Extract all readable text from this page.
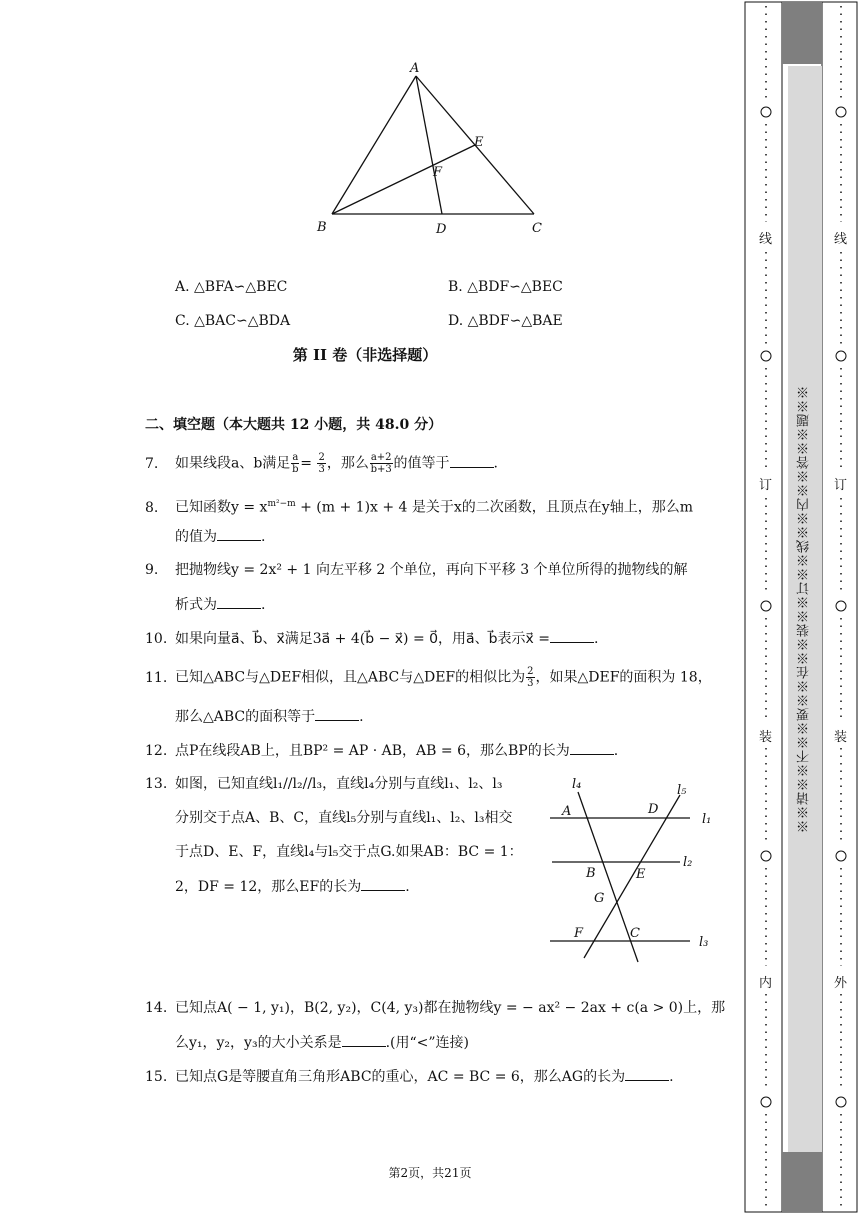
A
B	C
D
E
F
A. △BFA∽△BEC	B. △BDF∽△BEC
C. △BAC∽△BDA	D. △BDF∽△BAE
第 II 卷（非选择题）
二、填空题（本大题共 12 小题，共 48.0 分）
7. 如果线段a、b满足 $\frac{a}{b} = \frac{2}{3}$ ，那么 $\frac{a+2}{b+3}$ 的值等于	.
8. 已知函数$y = x^{m^2-m} + (m + 1)x + 4$ 是关于x的二次函数，且顶点在y轴上，那么m
的值为	.
9. 把抛物线y = 2x² + 1 向左平移 2 个单位，再向下平移 3 个单位所得的抛物线的解
析式为	.
10. 如果向量a⃗、b⃗、x⃗满足3a⃗ + 4(b⃗ − x⃗) = 0⃗，用a⃗、b⃗表示x⃗ =	.
11. 已知△ABC与△DEF相似，且△ABC与△DEF的相似比为 $\frac{2}{3}$ ，如果△DEF的面积为 18，
那么△ABC的面积等于	.
12. 点P在线段AB上，且BP² = AP · AB，AB = 6，那么BP的长为	.
13. 如图，已知直线l₁//l₂//l₃，直线l₄分别与直线l₁、l₂、l₃
分别交于点A、B、C，直线l₅分别与直线l₁、l₂、l₃相交
于点D、E、F，直线l₄与l₅交于点G.如果AB：BC = 1：
2，DF = 12，那么EF的长为	.
l₄	l₅
l₁
l₂
l₃
A	D
B	E
G
F	C
14. 已知点A( − 1, y₁)，B(2, y₂)，C(4, y₃)都在抛物线y = − ax² − 2ax + c(a > 0)上，那
么y₁，y₂，y₃的大小关系是	.(用“<”连接)
15. 已知点G是等腰直角三角形ABC的重心，AC = BC = 6，那么AG的长为	.
第2页，共21页
线
订
装
内
线
订
装
外
※※请※※不※※要※※在※※装※※订※※线※※内※※答※※题※※
